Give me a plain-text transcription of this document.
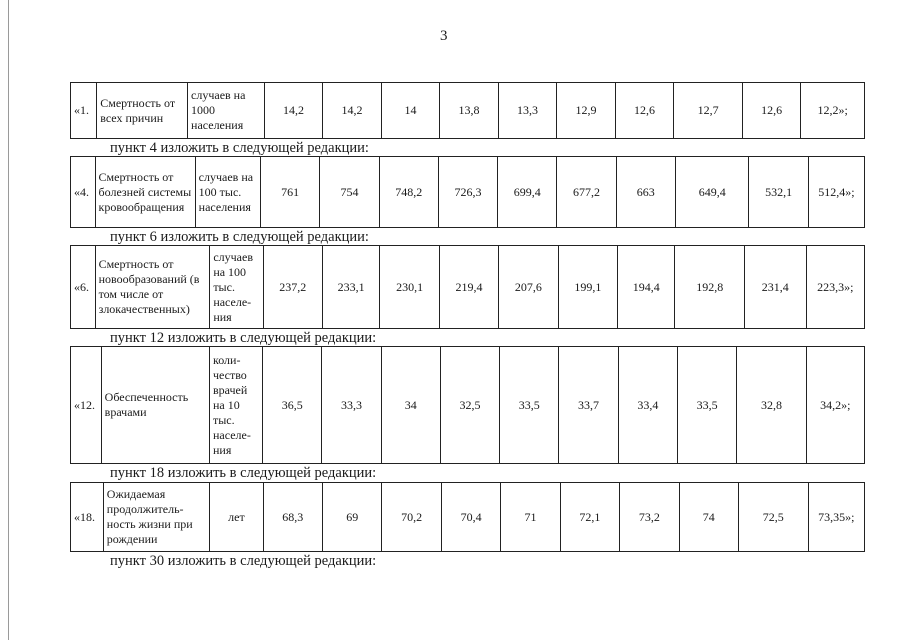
3
«1.	Смертность от всех причин	случаев на 1000 населения	14,2	14,2	14	13,8	13,3	12,9	12,6	12,7	12,6	12,2»;
пункт 4 изложить в следующей редакции:
«4.	Смертность от болезней системы кровообращения	случаев на 100 тыс. населения	761	754	748,2	726,3	699,4	677,2	663	649,4	532,1	512,4»;
пункт 6 изложить в следующей редакции:
«6.	Смертность от новообразований (в том числе от злокачественных)	случаев на 100 тыс. населе- ния	237,2	233,1	230,1	219,4	207,6	199,1	194,4	192,8	231,4	223,3»;
пункт 12 изложить в следующей редакции:
«12.	Обеспеченность врачами	коли- чество врачей на 10 тыс. населе- ния	36,5	33,3	34	32,5	33,5	33,7	33,4	33,5	32,8	34,2»;
пункт 18 изложить в следующей редакции:
«18.	Ожидаемая продолжитель- ность жизни при рождении	лет	68,3	69	70,2	70,4	71	72,1	73,2	74	72,5	73,35»;
пункт 30 изложить в следующей редакции:
